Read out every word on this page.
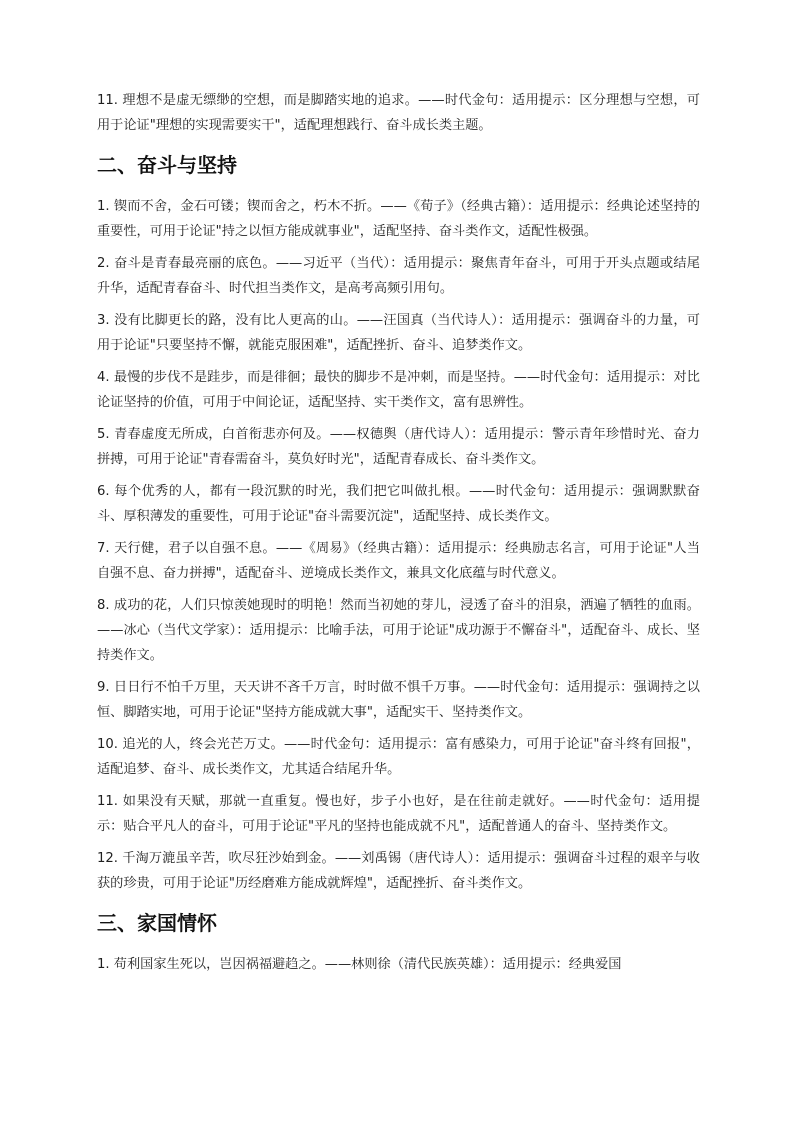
11. 理想不是虚无缥缈的空想，而是脚踏实地的追求。——时代金句：适用提示：区分理想与空想，可用于论证"理想的实现需要实干"，适配理想践行、奋斗成长类主题。

二、奋斗与坚持

1. 锲而不舍，金石可镂；锲而舍之，朽木不折。——《荀子》（经典古籍）：适用提示：经典论述坚持的重要性，可用于论证"持之以恒方能成就事业"，适配坚持、奋斗类作文，适配性极强。

2. 奋斗是青春最亮丽的底色。——习近平（当代）：适用提示：聚焦青年奋斗，可用于开头点题或结尾升华，适配青春奋斗、时代担当类作文，是高考高频引用句。

3. 没有比脚更长的路，没有比人更高的山。——汪国真（当代诗人）：适用提示：强调奋斗的力量，可用于论证"只要坚持不懈，就能克服困难"，适配挫折、奋斗、追梦类作文。

4. 最慢的步伐不是跬步，而是徘徊；最快的脚步不是冲刺，而是坚持。——时代金句：适用提示：对比论证坚持的价值，可用于中间论证，适配坚持、实干类作文，富有思辨性。

5. 青春虚度无所成，白首衔悲亦何及。——权德舆（唐代诗人）：适用提示：警示青年珍惜时光、奋力拼搏，可用于论证"青春需奋斗，莫负好时光"，适配青春成长、奋斗类作文。

6. 每个优秀的人，都有一段沉默的时光，我们把它叫做扎根。——时代金句：适用提示：强调默默奋斗、厚积薄发的重要性，可用于论证"奋斗需要沉淀"，适配坚持、成长类作文。

7. 天行健，君子以自强不息。——《周易》（经典古籍）：适用提示：经典励志名言，可用于论证"人当自强不息、奋力拼搏"，适配奋斗、逆境成长类作文，兼具文化底蕴与时代意义。

8. 成功的花，人们只惊羡她现时的明艳！然而当初她的芽儿，浸透了奋斗的泪泉，洒遍了牺牲的血雨。——冰心（当代文学家）：适用提示：比喻手法，可用于论证"成功源于不懈奋斗"，适配奋斗、成长、坚持类作文。

9. 日日行不怕千万里，天天讲不吝千万言，时时做不惧千万事。——时代金句：适用提示：强调持之以恒、脚踏实地，可用于论证"坚持方能成就大事"，适配实干、坚持类作文。

10. 追光的人，终会光芒万丈。——时代金句：适用提示：富有感染力，可用于论证"奋斗终有回报"，适配追梦、奋斗、成长类作文，尤其适合结尾升华。

11. 如果没有天赋，那就一直重复。慢也好，步子小也好，是在往前走就好。——时代金句：适用提示：贴合平凡人的奋斗，可用于论证"平凡的坚持也能成就不凡"，适配普通人的奋斗、坚持类作文。

12. 千淘万漉虽辛苦，吹尽狂沙始到金。——刘禹锡（唐代诗人）：适用提示：强调奋斗过程的艰辛与收获的珍贵，可用于论证"历经磨难方能成就辉煌"，适配挫折、奋斗类作文。

三、家国情怀

1. 苟利国家生死以，岂因祸福避趋之。——林则徐（清代民族英雄）：适用提示：经典爱国
